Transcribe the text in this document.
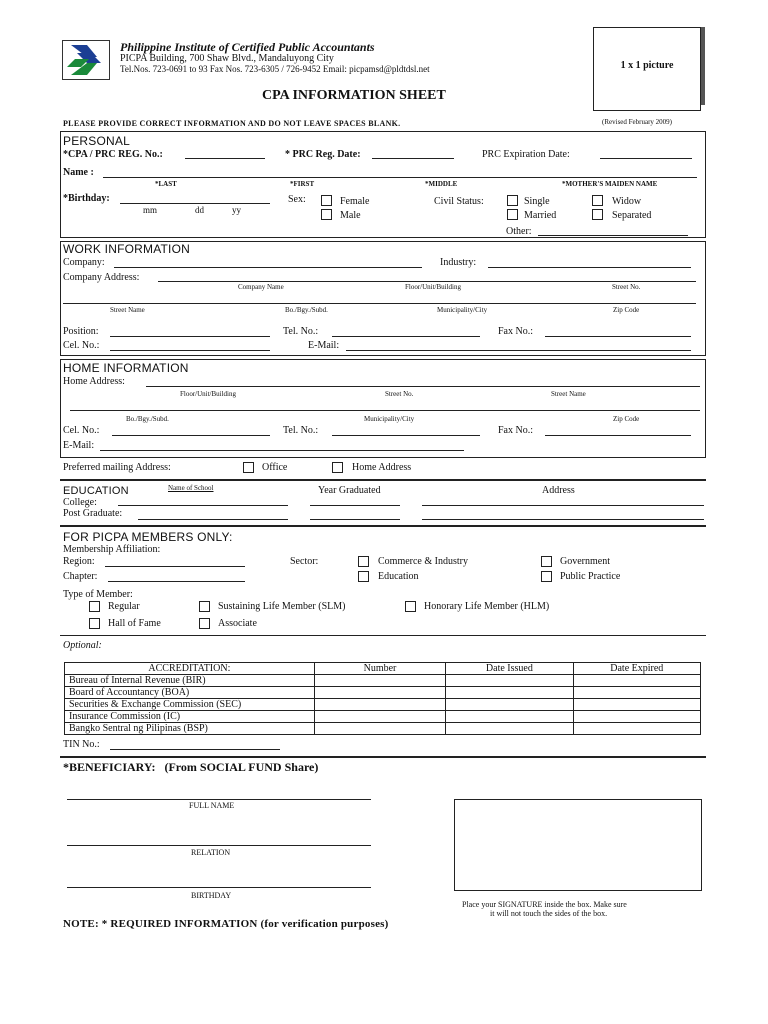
Philippine Institute of Certified Public Accountants
PICPA Building, 700 Shaw Blvd., Mandaluyong City
Tel.Nos. 723-0691 to 93 Fax Nos. 723-6305 / 726-9452 Email: picpamsd@pldtdsl.net	1 x 1 picture
CPA INFORMATION SHEET
PLEASE PROVIDE CORRECT INFORMATION AND DO NOT LEAVE SPACES BLANK.	(Revised February 2009)
PERSONAL
*CPA / PRC REG. No.:	* PRC Reg. Date:	PRC Expiration Date:
Name :
*LAST	*FIRST	*MIDDLE	*MOTHER'S MAIDEN NAME
*Birthday:
mm	dd	yy
Sex:	Female
Male
Civil Status:	Single
Married
Widow
Separated
Other:
WORK INFORMATION
Company:	Industry:
Company Address:
Company Name	Floor/Unit/Building	Street No.
Street Name	Bo./Bgy./Subd.	Municipality/City	Zip Code
Position:	Tel. No.:	Fax No.:
Cel. No.:	E-Mail:
HOME INFORMATION
Home Address:
Floor/Unit/Building	Street No.	Street Name
Bo./Bgy./Subd.	Municipality/City	Zip Code
Cel. No.:	Tel. No.:	Fax No.:
E-Mail:
Preferred mailing Address:	Office	Home Address
EDUCATION	Name of School	Year Graduated	Address
College:
Post Graduate:
FOR PICPA MEMBERS ONLY:
Membership Affiliation:
Region:
Chapter:
Sector:	Commerce & Industry
Education
Government
Public Practice
Type of Member:
Regular	Sustaining Life Member (SLM)	Honorary Life Member (HLM)
Hall of Fame	Associate
Optional:
ACCREDITATION:	Number	Date Issued	Date Expired
Bureau of Internal Revenue (BIR)			
Board of Accountancy (BOA)			
Securities & Exchange Commission (SEC)			
Insurance Commission (IC)			
Bangko Sentral ng Pilipinas (BSP)			
TIN No.:
*BENEFICIARY:   (From SOCIAL FUND Share)
FULL NAME
RELATION
BIRTHDAY
Place your SIGNATURE inside the box. Make sure
it will not touch the sides of the box.
NOTE: * REQUIRED INFORMATION (for verification purposes)
